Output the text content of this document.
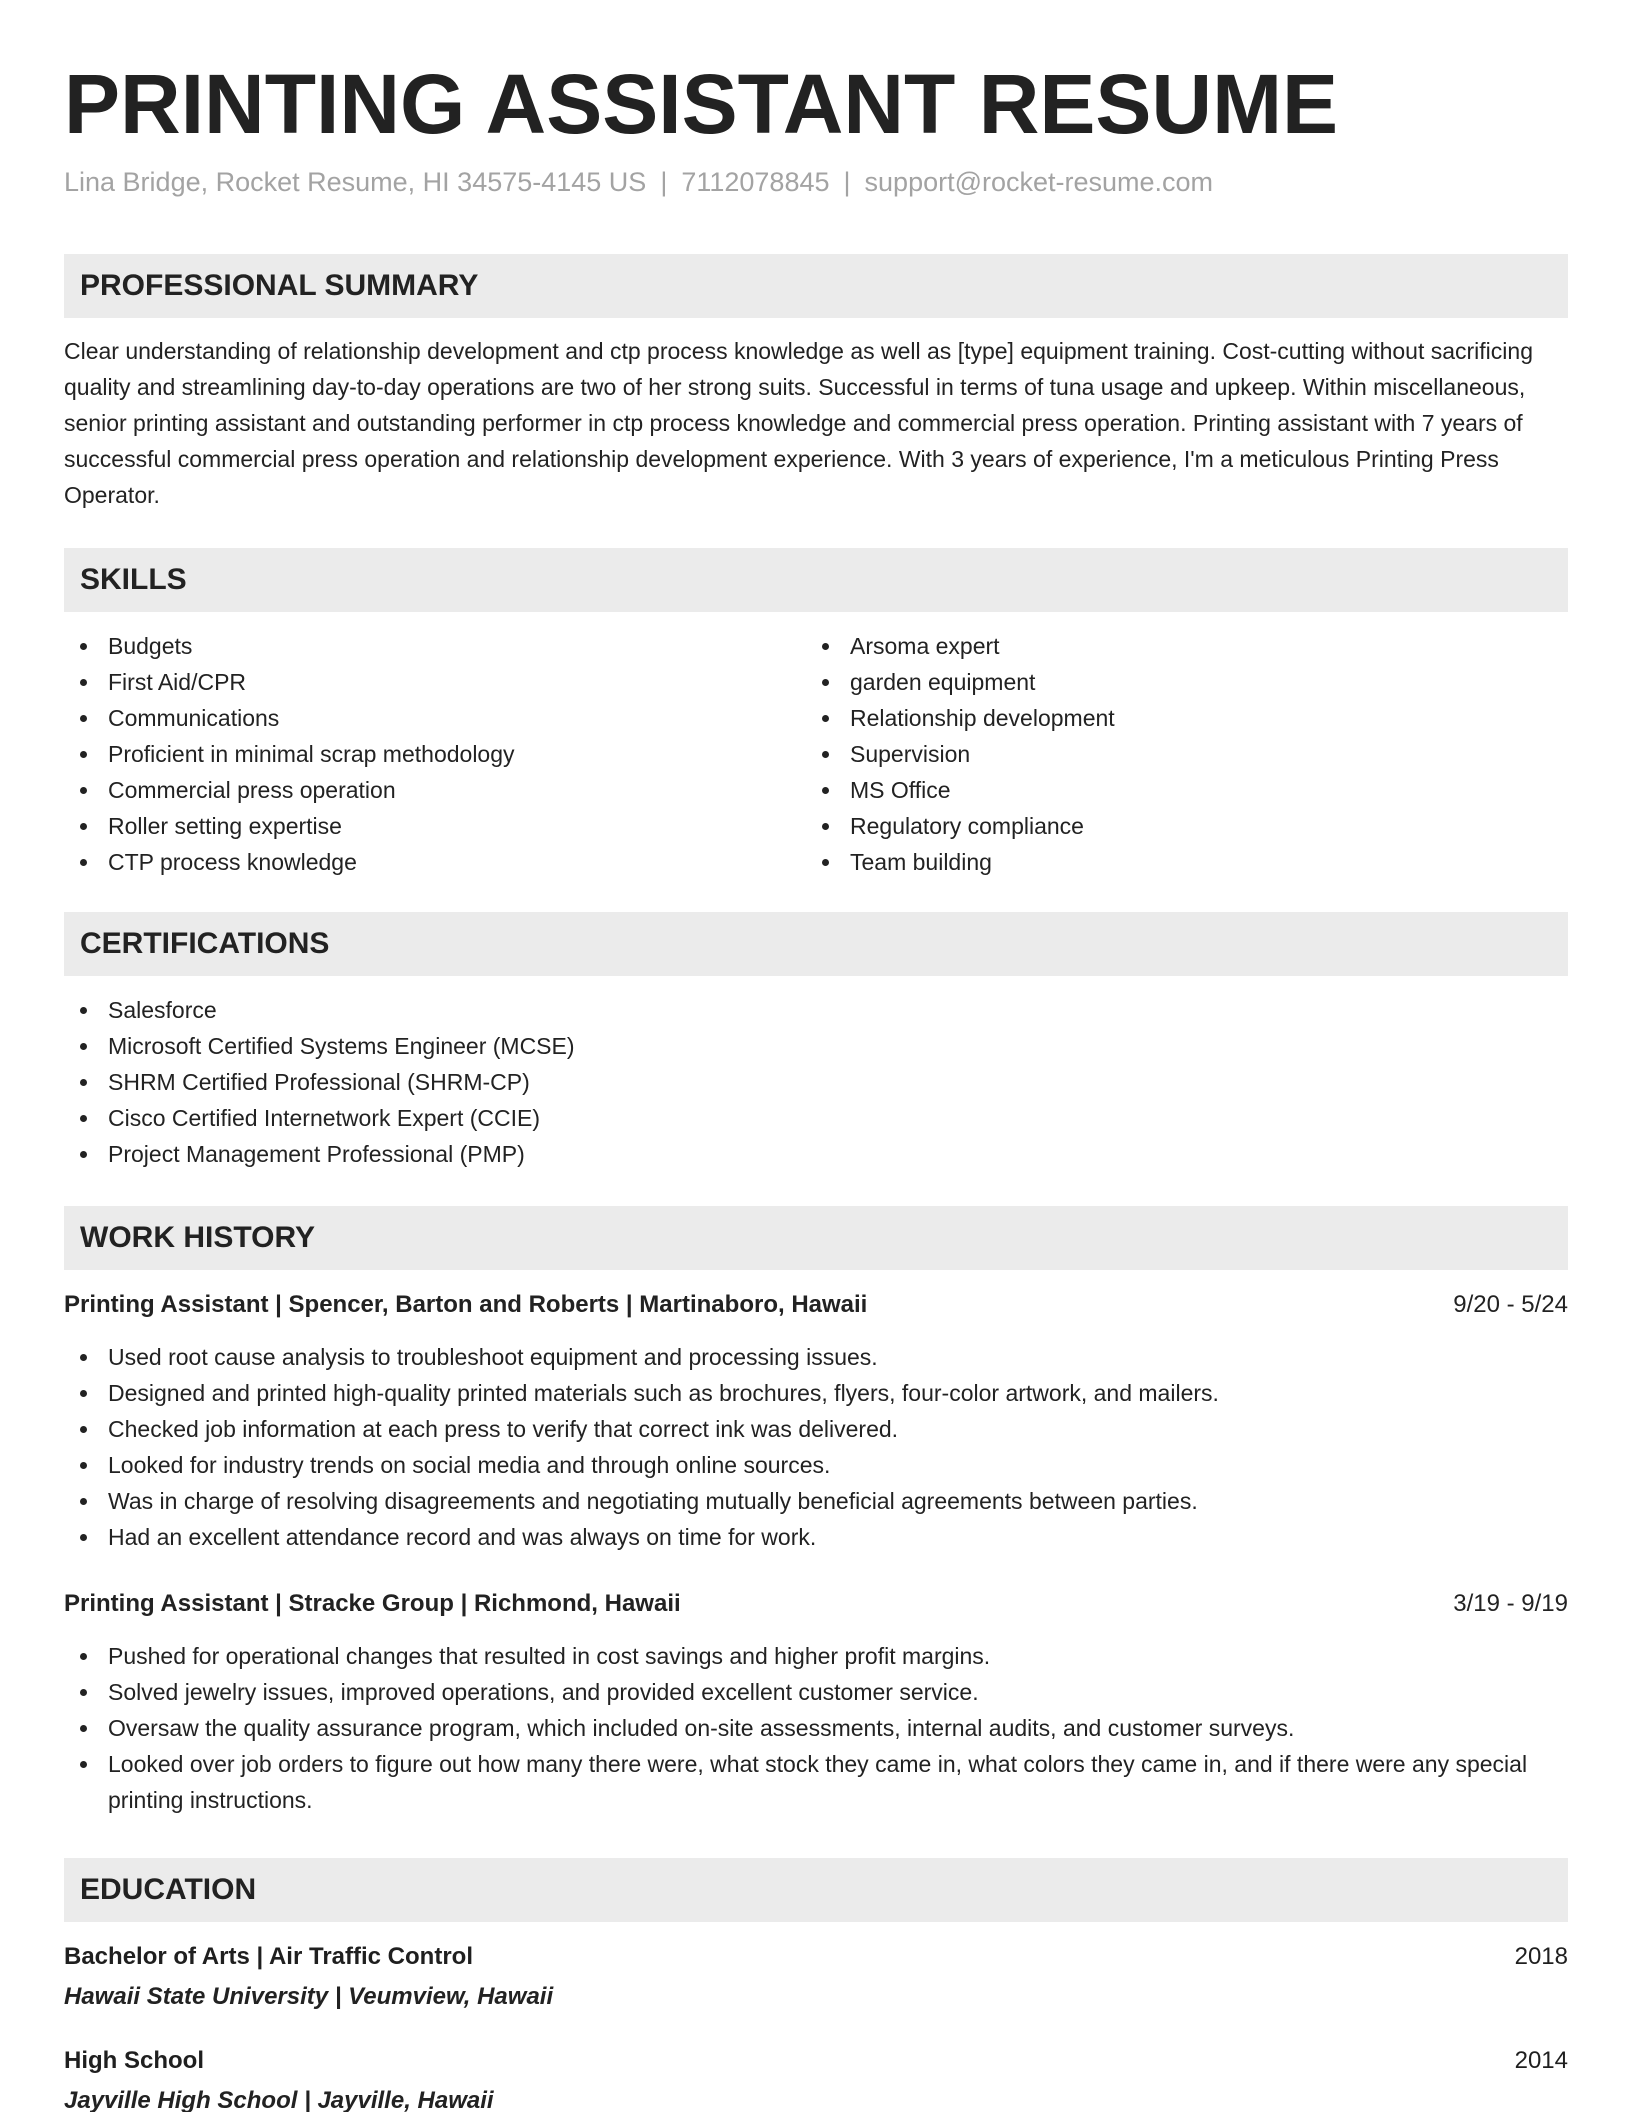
PRINTING ASSISTANT RESUME
Lina Bridge, Rocket Resume, HI 34575-4145 US | 7112078845 | support@rocket-resume.com
PROFESSIONAL SUMMARY
Clear understanding of relationship development and ctp process knowledge as well as [type] equipment training. Cost-cutting without sacrificing quality and streamlining day-to-day operations are two of her strong suits. Successful in terms of tuna usage and upkeep. Within miscellaneous, senior printing assistant and outstanding performer in ctp process knowledge and commercial press operation. Printing assistant with 7 years of successful commercial press operation and relationship development experience. With 3 years of experience, I'm a meticulous Printing Press Operator.
SKILLS
Budgets
First Aid/CPR
Communications
Proficient in minimal scrap methodology
Commercial press operation
Roller setting expertise
CTP process knowledge
Arsoma expert
garden equipment
Relationship development
Supervision
MS Office
Regulatory compliance
Team building
CERTIFICATIONS
Salesforce
Microsoft Certified Systems Engineer (MCSE)
SHRM Certified Professional (SHRM-CP)
Cisco Certified Internetwork Expert (CCIE)
Project Management Professional (PMP)
WORK HISTORY
Printing Assistant | Spencer, Barton and Roberts | Martinaboro, Hawaii	9/20 - 5/24
Used root cause analysis to troubleshoot equipment and processing issues.
Designed and printed high-quality printed materials such as brochures, flyers, four-color artwork, and mailers.
Checked job information at each press to verify that correct ink was delivered.
Looked for industry trends on social media and through online sources.
Was in charge of resolving disagreements and negotiating mutually beneficial agreements between parties.
Had an excellent attendance record and was always on time for work.
Printing Assistant | Stracke Group | Richmond, Hawaii	3/19 - 9/19
Pushed for operational changes that resulted in cost savings and higher profit margins.
Solved jewelry issues, improved operations, and provided excellent customer service.
Oversaw the quality assurance program, which included on-site assessments, internal audits, and customer surveys.
Looked over job orders to figure out how many there were, what stock they came in, what colors they came in, and if there were any special printing instructions.
EDUCATION
Bachelor of Arts | Air Traffic Control	2018
Hawaii State University | Veumview, Hawaii
High School	2014
Jayville High School | Jayville, Hawaii
